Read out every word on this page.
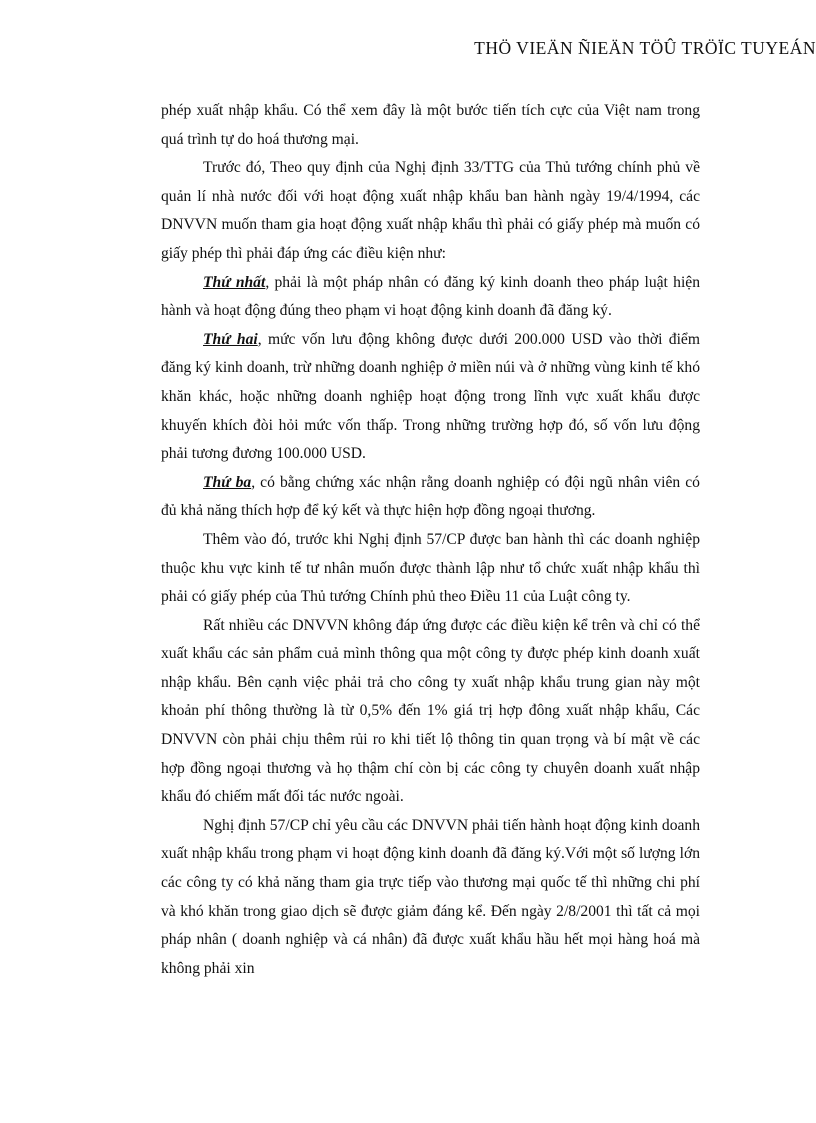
THÖ VIEÄN ÑIEÄN TÖÛ TRÖÏC TUYEÁN

phép xuất nhập khẩu. Có thể xem đây là một bước tiến tích cực của Việt nam trong quá trình tự do hoá thương mại.

Trước đó, Theo quy định của Nghị định 33/TTG của Thủ tướng chính phủ về quản lí nhà nước đối với hoạt động xuất nhập khẩu ban hành ngày 19/4/1994, các DNVVN muốn tham gia hoạt động xuất nhập khẩu thì phải có giấy phép mà muốn có giấy phép thì phải đáp ứng các điều kiện như:

Thứ nhất, phải là một pháp nhân có đăng ký kinh doanh theo pháp luật hiện hành và hoạt động đúng theo phạm vi hoạt động kinh doanh đã đăng ký.

Thứ hai, mức vốn lưu động không được dưới 200.000 USD vào thời điểm đăng ký kinh doanh, trừ những doanh nghiệp ở miền núi và ở những vùng kinh tế khó khăn khác, hoặc những doanh nghiệp hoạt động trong lĩnh vực xuất khẩu được khuyến khích đòi hỏi mức vốn thấp. Trong những trường hợp đó, số vốn lưu động phải tương đương 100.000 USD.

Thứ ba, có bằng chứng xác nhận rằng doanh nghiệp có đội ngũ nhân viên có đủ khả năng thích hợp để ký kết và thực hiện hợp đồng ngoại thương.

Thêm vào đó, trước khi Nghị định 57/CP được ban hành thì các doanh nghiệp thuộc khu vực kinh tế tư nhân muốn được thành lập như tổ chức xuất nhập khẩu thì phải có giấy phép của Thủ tướng Chính phủ theo Điều 11 của Luật công ty.

Rất nhiều các DNVVN không đáp ứng được các điều kiện kể trên và chỉ có thể xuất khẩu các sản phẩm cuả mình thông qua một công ty được phép kinh doanh xuất nhập khẩu. Bên cạnh việc phải trả cho công ty xuất nhập khẩu trung gian này một khoản phí thông thường là từ 0,5% đến 1% giá trị hợp đông xuất nhập khẩu, Các DNVVN còn phải chịu thêm rủi ro khi tiết lộ thông tin quan trọng và bí mật về các hợp đồng ngoại thương và họ thậm chí còn bị các công ty chuyên doanh xuất nhập khẩu đó chiếm mất đối tác nước ngoài.

Nghị định 57/CP chỉ yêu cầu các DNVVN phải tiến hành hoạt động kinh doanh xuất nhập khẩu trong phạm vi hoạt động kinh doanh đã đăng ký.Với một số lượng lớn các công ty có khả năng tham gia trực tiếp vào thương mại quốc tế thì những chi phí và khó khăn trong giao dịch sẽ được giảm đáng kể. Đến ngày 2/8/2001 thì tất cả mọi pháp nhân ( doanh nghiệp và cá nhân) đã được xuất khẩu hầu hết mọi hàng hoá mà không phải xin
